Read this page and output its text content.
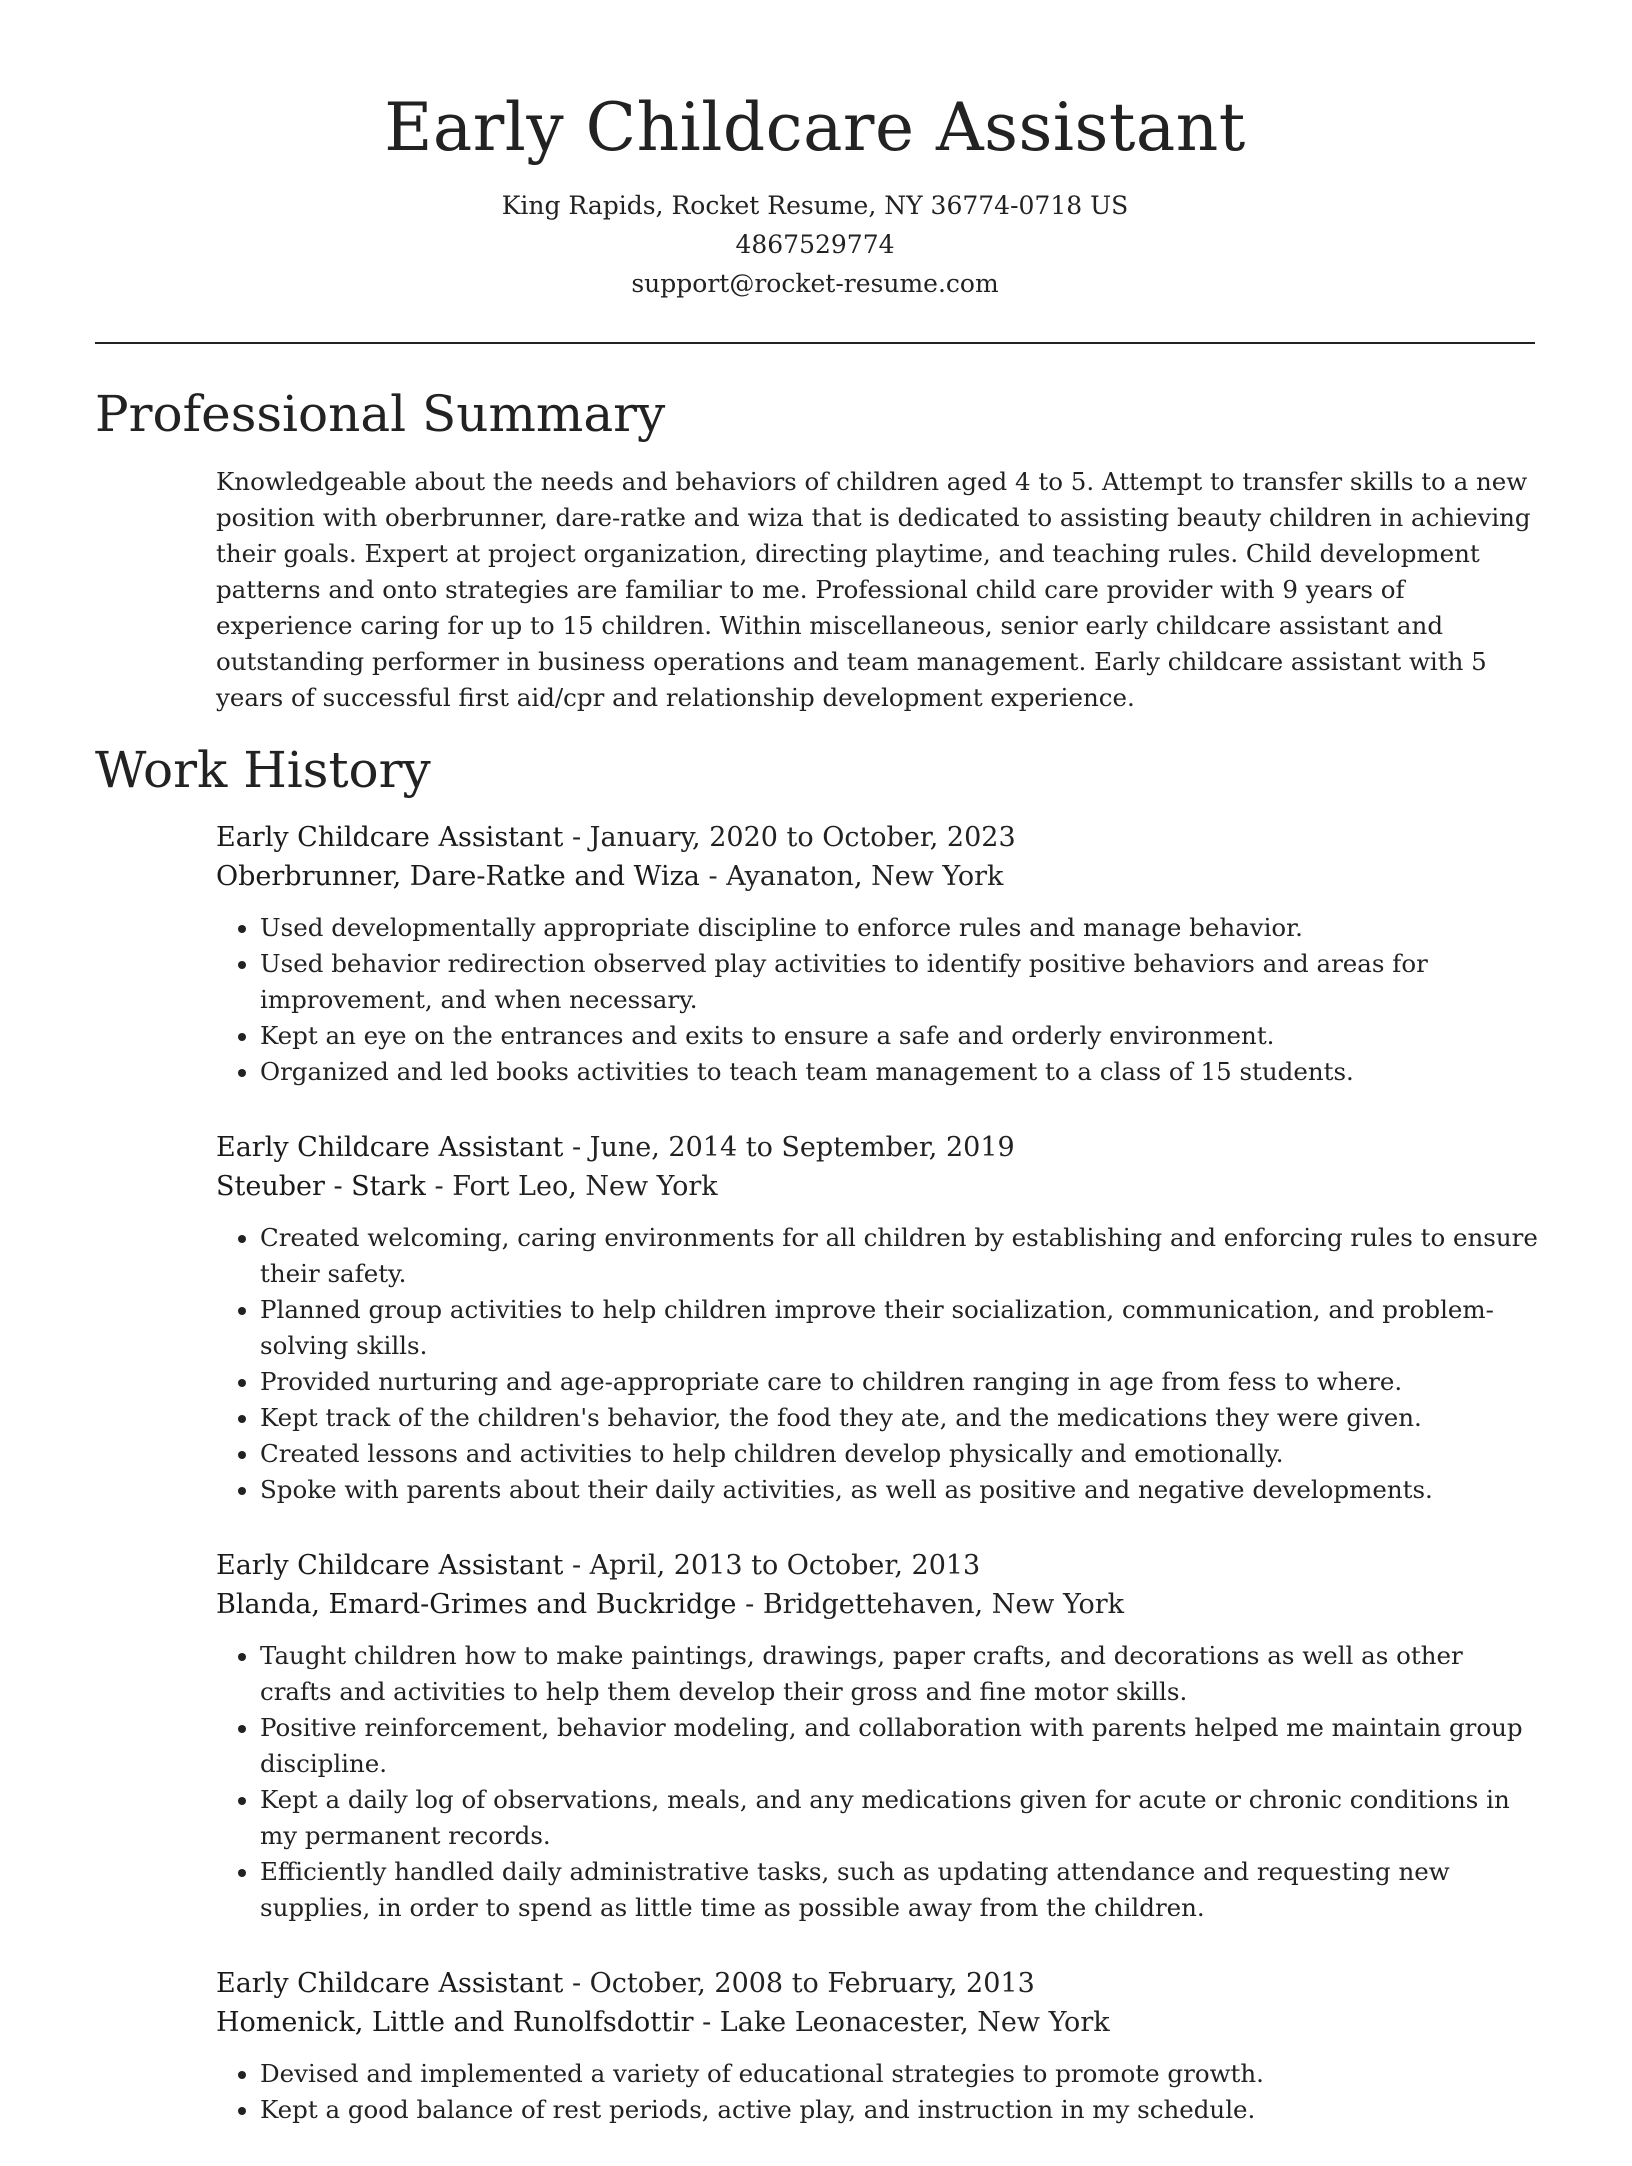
Early Childcare Assistant
King Rapids, Rocket Resume, NY 36774-0718 US
4867529774
support@rocket-resume.com
Professional Summary

Knowledgeable about the needs and behaviors of children aged 4 to 5. Attempt to transfer skills to a new position with oberbrunner, dare-ratke and wiza that is dedicated to assisting beauty children in achieving their goals. Expert at project organization, directing playtime, and teaching rules. Child development patterns and onto strategies are familiar to me. Professional child care provider with 9 years of experience caring for up to 15 children. Within miscellaneous, senior early childcare assistant and outstanding performer in business operations and team management. Early childcare assistant with 5 years of successful first aid/cpr and relationship development experience.

Work History
Early Childcare Assistant - January, 2020 to October, 2023
Oberbrunner, Dare-Ratke and Wiza - Ayanaton, New York
• Used developmentally appropriate discipline to enforce rules and manage behavior.
• Used behavior redirection observed play activities to identify positive behaviors and areas for improvement, and when necessary.
• Kept an eye on the entrances and exits to ensure a safe and orderly environment.
• Organized and led books activities to teach team management to a class of 15 students.
Early Childcare Assistant - June, 2014 to September, 2019
Steuber - Stark - Fort Leo, New York
• Created welcoming, caring environments for all children by establishing and enforcing rules to ensure their safety.
• Planned group activities to help children improve their socialization, communication, and problem-solving skills.
• Provided nurturing and age-appropriate care to children ranging in age from fess to where.
• Kept track of the children's behavior, the food they ate, and the medications they were given.
• Created lessons and activities to help children develop physically and emotionally.
• Spoke with parents about their daily activities, as well as positive and negative developments.
Early Childcare Assistant - April, 2013 to October, 2013
Blanda, Emard-Grimes and Buckridge - Bridgettehaven, New York
• Taught children how to make paintings, drawings, paper crafts, and decorations as well as other crafts and activities to help them develop their gross and fine motor skills.
• Positive reinforcement, behavior modeling, and collaboration with parents helped me maintain group discipline.
• Kept a daily log of observations, meals, and any medications given for acute or chronic conditions in my permanent records.
• Efficiently handled daily administrative tasks, such as updating attendance and requesting new supplies, in order to spend as little time as possible away from the children.
Early Childcare Assistant - October, 2008 to February, 2013
Homenick, Little and Runolfsdottir - Lake Leonacester, New York
• Devised and implemented a variety of educational strategies to promote growth.
• Kept a good balance of rest periods, active play, and instruction in my schedule.
